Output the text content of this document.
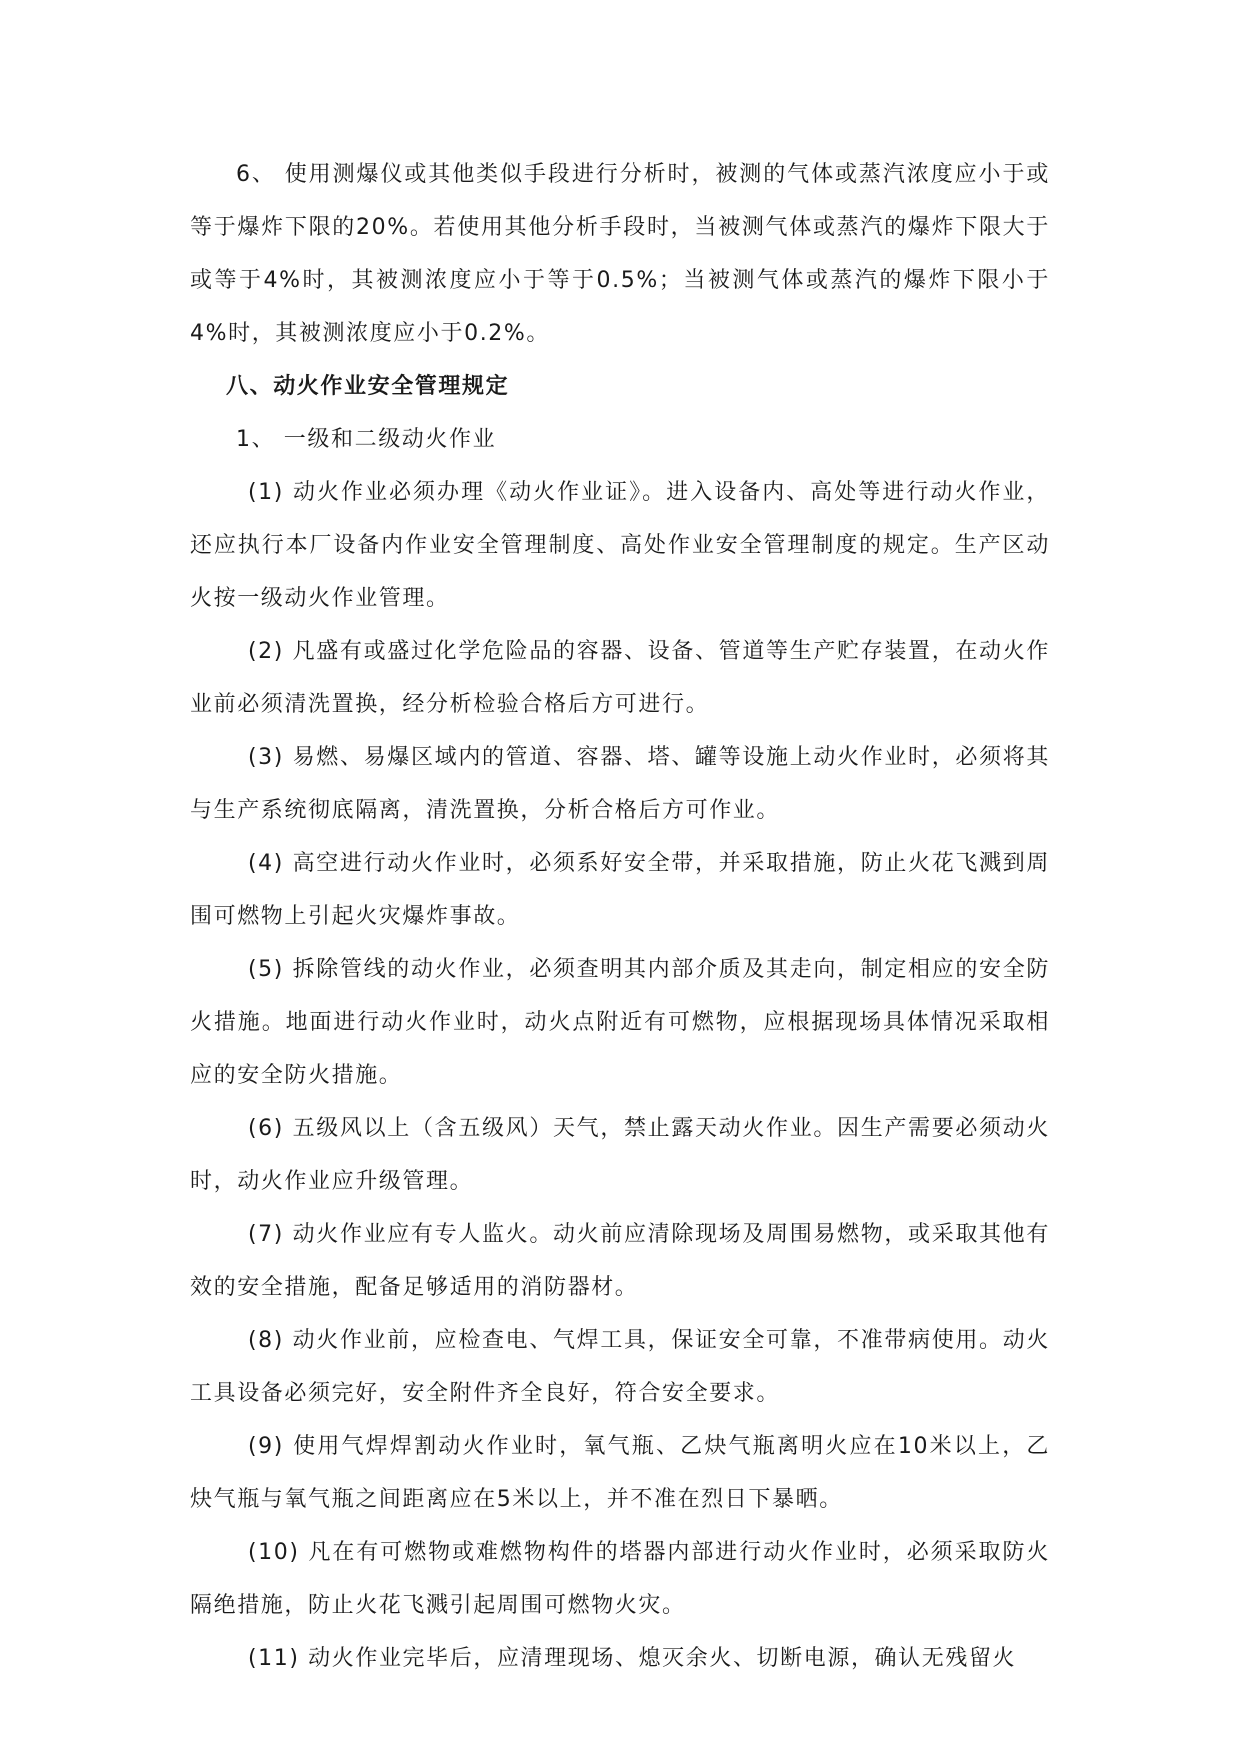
6、 使用测爆仪或其他类似手段进行分析时，被测的气体或蒸汽浓度应小于或等于爆炸下限的20%。若使用其他分析手段时，当被测气体或蒸汽的爆炸下限大于或等于4%时，其被测浓度应小于等于0.5%；当被测气体或蒸汽的爆炸下限小于4%时，其被测浓度应小于0.2%。

八、动火作业安全管理规定

1、 一级和二级动火作业

(1) 动火作业必须办理《动火作业证》。进入设备内、高处等进行动火作业，还应执行本厂设备内作业安全管理制度、高处作业安全管理制度的规定。生产区动火按一级动火作业管理。

(2) 凡盛有或盛过化学危险品的容器、设备、管道等生产贮存装置，在动火作业前必须清洗置换，经分析检验合格后方可进行。

(3) 易燃、易爆区域内的管道、容器、塔、罐等设施上动火作业时，必须将其与生产系统彻底隔离，清洗置换，分析合格后方可作业。

(4) 高空进行动火作业时，必须系好安全带，并采取措施，防止火花飞溅到周围可燃物上引起火灾爆炸事故。

(5) 拆除管线的动火作业，必须查明其内部介质及其走向，制定相应的安全防火措施。地面进行动火作业时，动火点附近有可燃物，应根据现场具体情况采取相应的安全防火措施。

(6) 五级风以上（含五级风）天气，禁止露天动火作业。因生产需要必须动火时，动火作业应升级管理。

(7) 动火作业应有专人监火。动火前应清除现场及周围易燃物，或采取其他有效的安全措施，配备足够适用的消防器材。

(8) 动火作业前，应检查电、气焊工具，保证安全可靠，不准带病使用。动火工具设备必须完好，安全附件齐全良好，符合安全要求。

(9) 使用气焊焊割动火作业时，氧气瓶、乙炔气瓶离明火应在10米以上，乙炔气瓶与氧气瓶之间距离应在5米以上，并不准在烈日下暴晒。

(10) 凡在有可燃物或难燃物构件的塔器内部进行动火作业时，必须采取防火隔绝措施，防止火花飞溅引起周围可燃物火灾。

(11) 动火作业完毕后，应清理现场、熄灭余火、切断电源，确认无残留火
